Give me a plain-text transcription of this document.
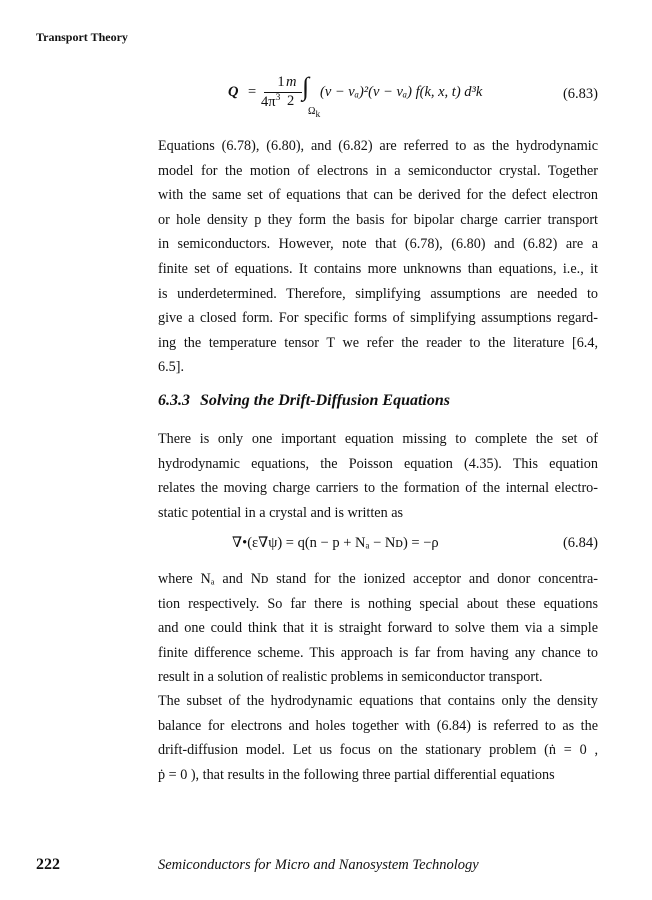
Transport Theory
Q =
1
$4\pi^3$
m
2 ∫
$\Omega_k$
(v − vₐ)²(v − vₐ) f(k, x, t) d³k	(6.83)
Equations (6.78), (6.80), and (6.82) are referred to as the hydrodynamic
model for the motion of electrons in a semiconductor crystal. Together
with the same set of equations that can be derived for the defect electron
or hole density p they form the basis for bipolar charge carrier transport
in semiconductors. However, note that (6.78), (6.80) and (6.82) are a
finite set of equations. It contains more unknowns than equations, i.e., it
is underdetermined. Therefore, simplifying assumptions are needed to
give a closed form. For specific forms of simplifying assumptions regard-
ing the temperature tensor T we refer the reader to the literature [6.4,
6.5].
6.3.3 Solving the Drift-Diffusion Equations
There is only one important equation missing to complete the set of
hydrodynamic equations, the Poisson equation (4.35). This equation
relates the moving charge carriers to the formation of the internal electro-
static potential in a crystal and is written as
∇•(ε∇ψ) = q(n − p + Nₐ − Nᴅ) = −ρ	(6.84)
where Nₐ and Nᴅ stand for the ionized acceptor and donor concentra-
tion respectively. So far there is nothing special about these equations
and one could think that it is straight forward to solve them via a simple
finite difference scheme. This approach is far from having any chance to
result in a solution of realistic problems in semiconductor transport.
The subset of the hydrodynamic equations that contains only the density
balance for electrons and holes together with (6.84) is referred to as the
drift-diffusion model. Let us focus on the stationary problem (ṅ = 0 ,
ṗ = 0 ), that results in the following three partial differential equations
222	Semiconductors for Micro and Nanosystem Technology
